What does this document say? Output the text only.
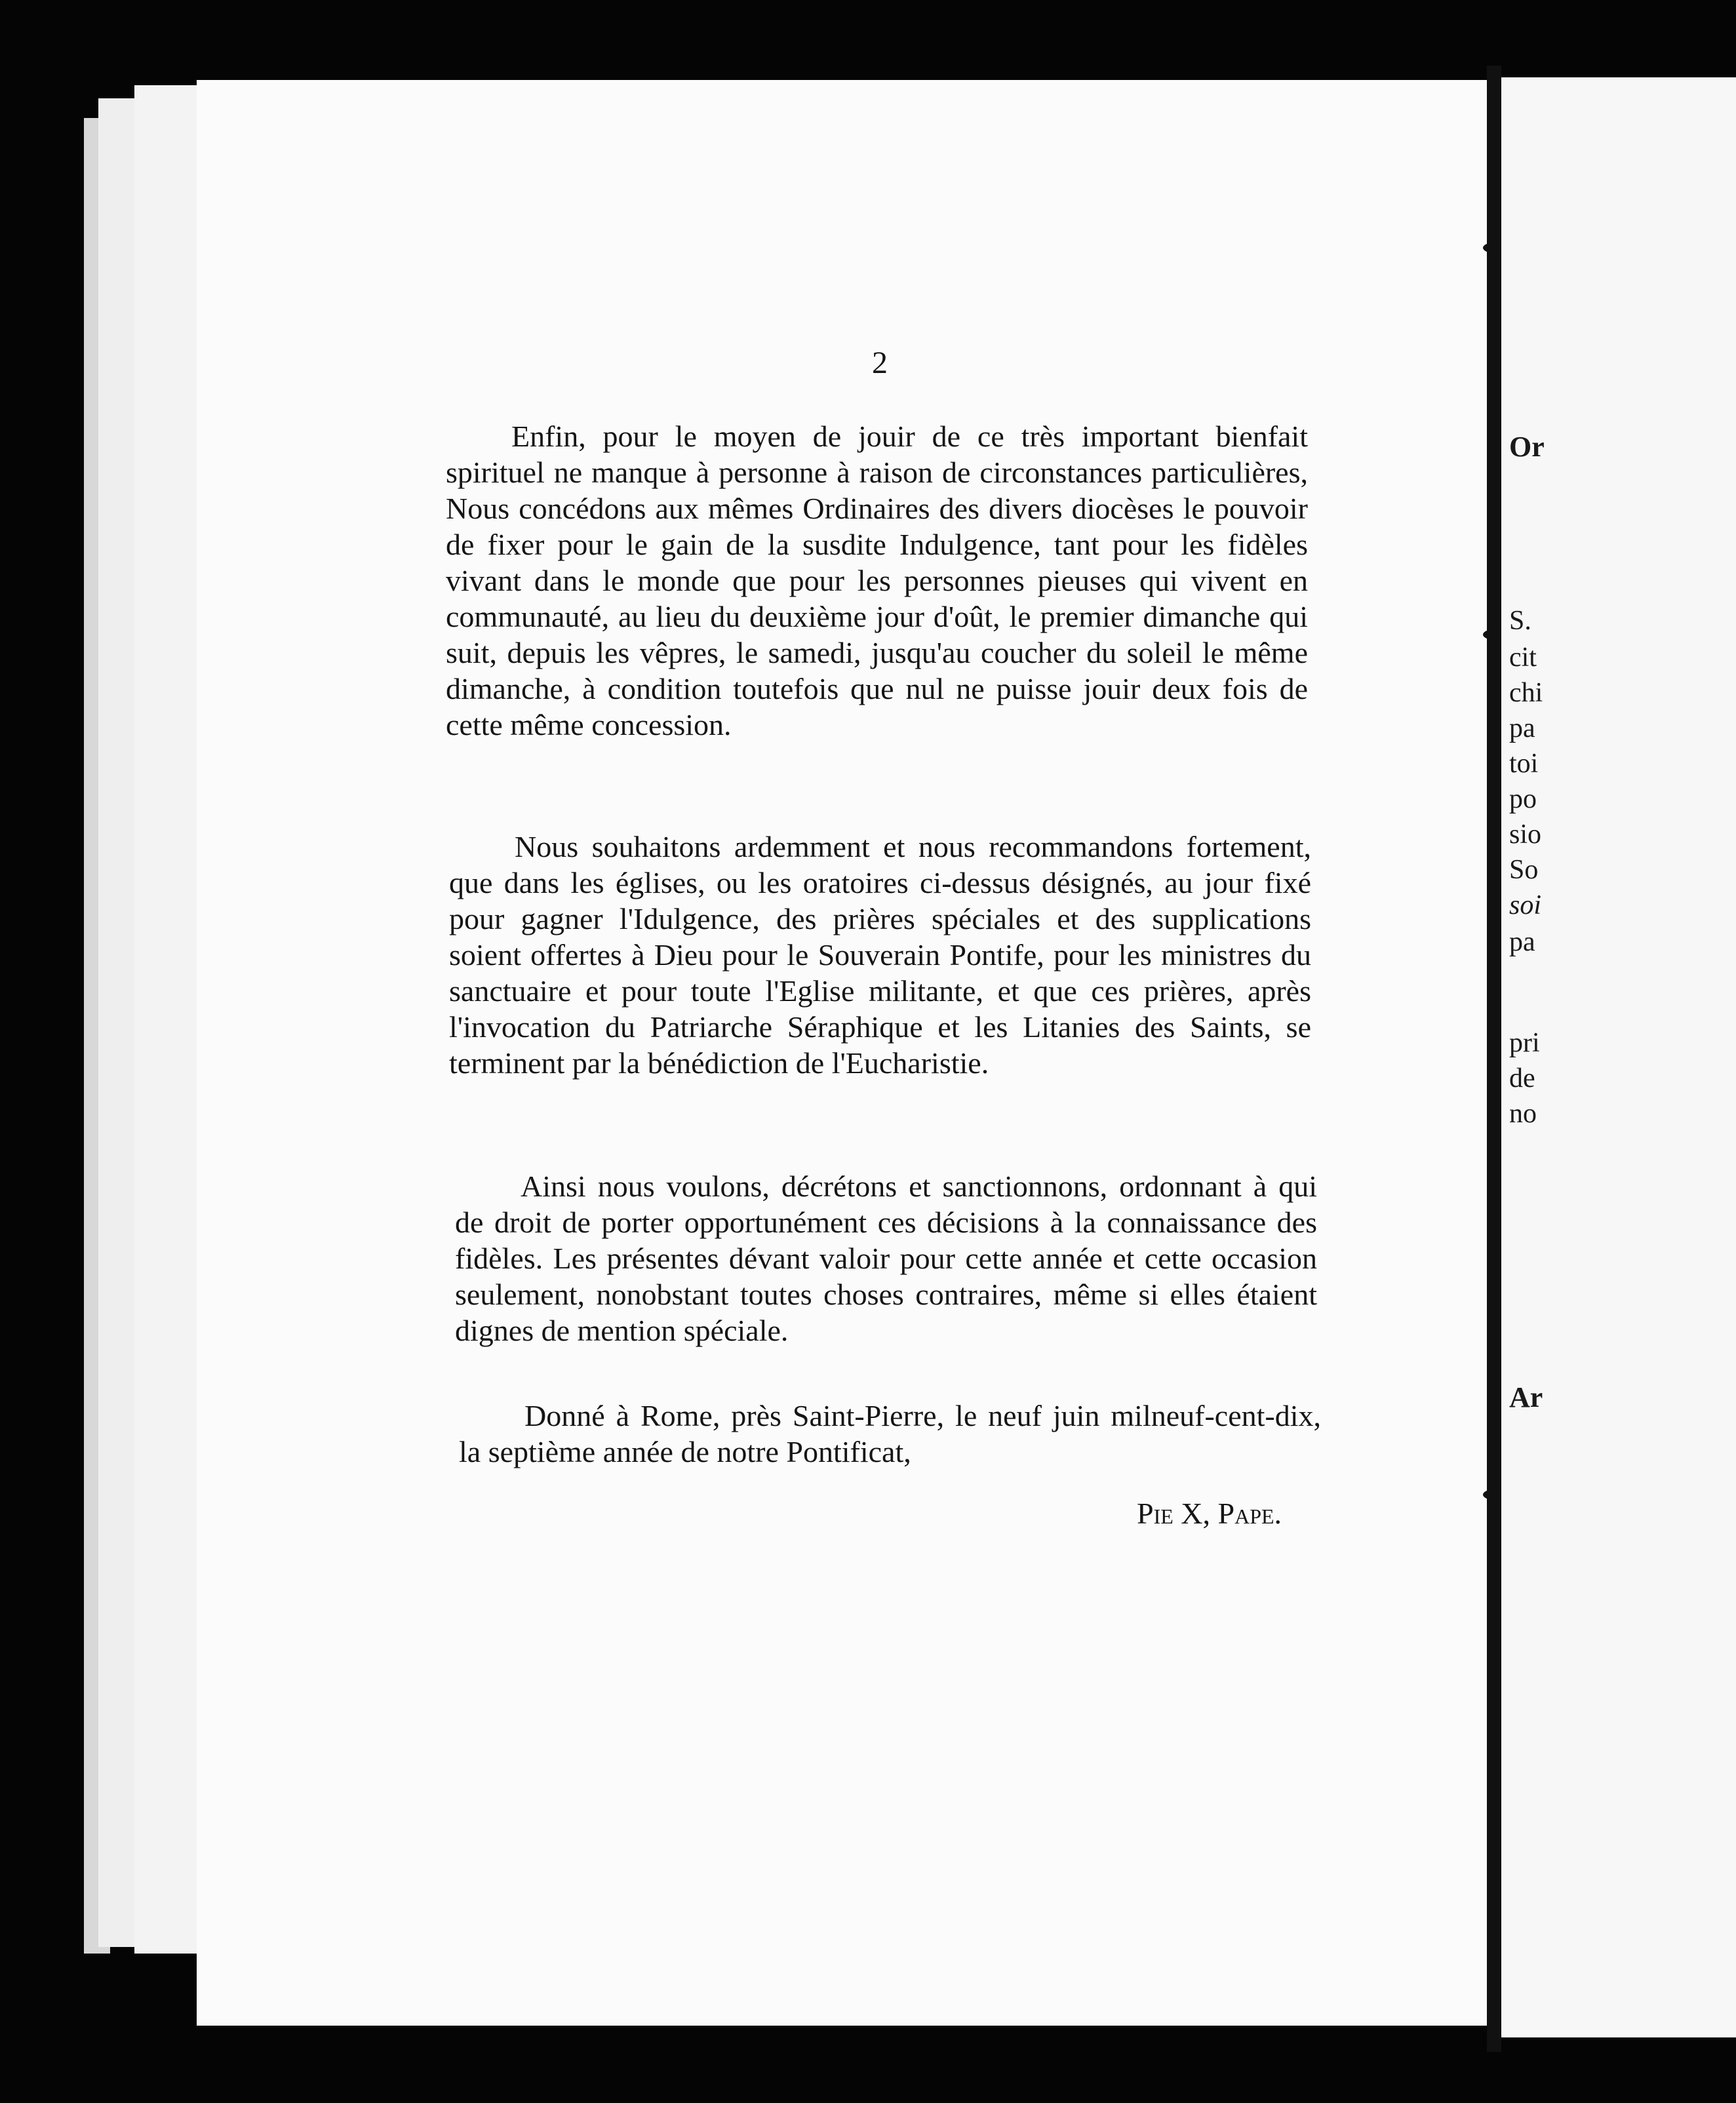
2

Enfin, pour le moyen de jouir de ce très important bienfait spirituel ne manque à personne à raison de circonstances particulières, Nous concédons aux mêmes Ordinaires des divers diocèses le pouvoir de fixer pour le gain de la susdite Indulgence, tant pour les fidèles vivant dans le monde que pour les personnes pieuses qui vivent en communauté, au lieu du deuxième jour d'oût, le premier dimanche qui suit, depuis les vêpres, le samedi, jusqu'au coucher du soleil le même dimanche, à condition toutefois que nul ne puisse jouir deux fois de cette même concession.

Nous souhaitons ardemment et nous recommandons fortement, que dans les églises, ou les oratoires ci-dessus désignés, au jour fixé pour gagner l'Idulgence, des prières spéciales et des supplications soient offertes à Dieu pour le Souverain Pontife, pour les ministres du sanctuaire et pour toute l'Eglise militante, et que ces prières, après l'invocation du Patriarche Séraphique et les Litanies des Saints, se terminent par la bénédiction de l'Eucharistie.

Ainsi nous voulons, décrétons et sanctionnons, ordonnant à qui de droit de porter opportunément ces décisions à la connaissance des fidèles. Les présentes dévant valoir pour cette année et cette occasion seulement, nonobstant toutes choses contraires, même si elles étaient dignes de mention spéciale.

Donné à Rome, près Saint-Pierre, le neuf juin milneuf-cent-dix, la septième année de notre Pontificat,

Pie X, Pape.
Or
S.
cit
chi
pa
toi
po
sio
So
soi
pa
pri
de
no
Ar
